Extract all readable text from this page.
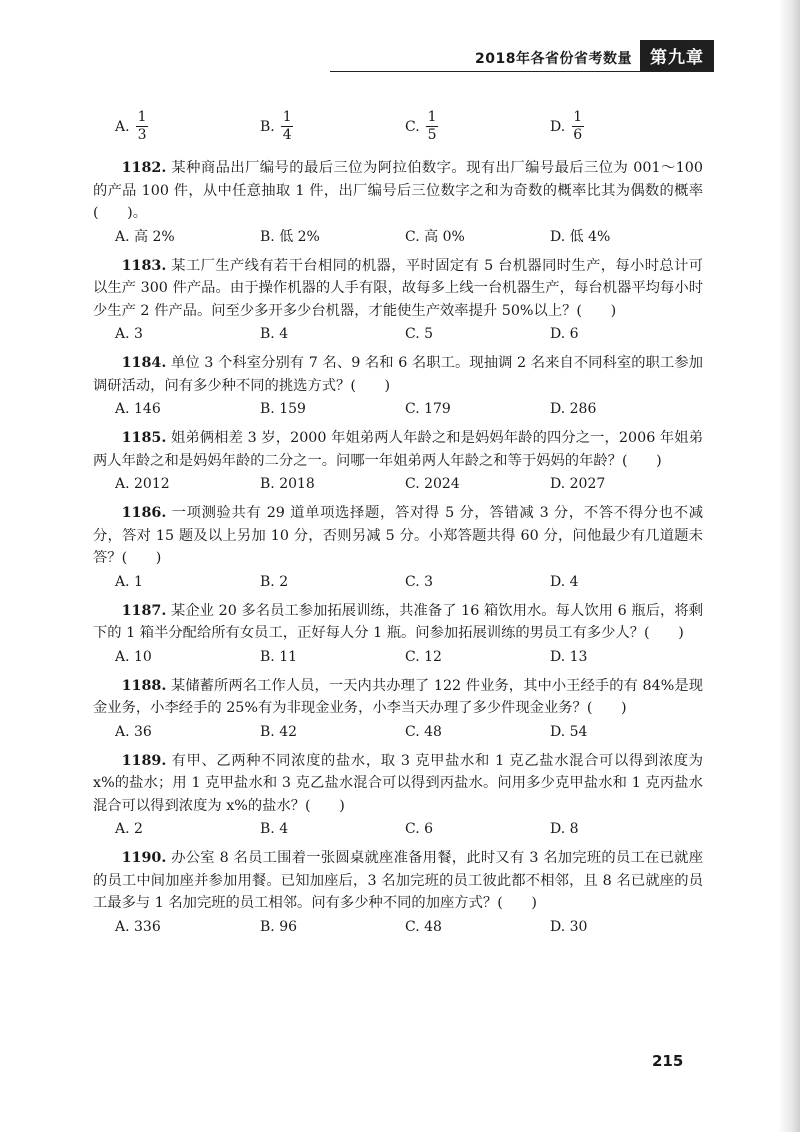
2018年各省份省考数量	第九章
A. $\frac{1}{3}$	B. $\frac{1}{4}$	C. $\frac{1}{5}$	D. $\frac{1}{6}$

1182. 某种商品出厂编号的最后三位为阿拉伯数字。现有出厂编号最后三位为 001～100 的产品 100 件，从中任意抽取 1 件，出厂编号后三位数字之和为奇数的概率比其为偶数的概率(　　)。

A. 高 2%	B. 低 2%	C. 高 0%	D. 低 4%

1183. 某工厂生产线有若干台相同的机器，平时固定有 5 台机器同时生产，每小时总计可以生产 300 件产品。由于操作机器的人手有限，故每多上线一台机器生产，每台机器平均每小时少生产 2 件产品。问至少多开多少台机器，才能使生产效率提升 50%以上？(　　)

A. 3	B. 4	C. 5	D. 6

1184. 单位 3 个科室分别有 7 名、9 名和 6 名职工。现抽调 2 名来自不同科室的职工参加调研活动，问有多少种不同的挑选方式？(　　)

A. 146	B. 159	C. 179	D. 286

1185. 姐弟俩相差 3 岁，2000 年姐弟两人年龄之和是妈妈年龄的四分之一，2006 年姐弟两人年龄之和是妈妈年龄的二分之一。问哪一年姐弟两人年龄之和等于妈妈的年龄？(　　)

A. 2012	B. 2018	C. 2024	D. 2027

1186. 一项测验共有 29 道单项选择题，答对得 5 分，答错减 3 分，不答不得分也不减分，答对 15 题及以上另加 10 分，否则另减 5 分。小郑答题共得 60 分，问他最少有几道题未答？(　　)

A. 1	B. 2	C. 3	D. 4

1187. 某企业 20 多名员工参加拓展训练，共准备了 16 箱饮用水。每人饮用 6 瓶后，将剩下的 1 箱半分配给所有女员工，正好每人分 1 瓶。问参加拓展训练的男员工有多少人？(　　)

A. 10	B. 11	C. 12	D. 13

1188. 某储蓄所两名工作人员，一天内共办理了 122 件业务，其中小王经手的有 84%是现金业务，小李经手的 25%有为非现金业务，小李当天办理了多少件现金业务？(　　)

A. 36	B. 42	C. 48	D. 54

1189. 有甲、乙两种不同浓度的盐水，取 3 克甲盐水和 1 克乙盐水混合可以得到浓度为 x%的盐水；用 1 克甲盐水和 3 克乙盐水混合可以得到丙盐水。问用多少克甲盐水和 1 克丙盐水混合可以得到浓度为 x%的盐水？(　　)

A. 2	B. 4	C. 6	D. 8

1190. 办公室 8 名员工围着一张圆桌就座准备用餐，此时又有 3 名加完班的员工在已就座的员工中间加座并参加用餐。已知加座后，3 名加完班的员工彼此都不相邻，且 8 名已就座的员工最多与 1 名加完班的员工相邻。问有多少种不同的加座方式？(　　)

A. 336	B. 96	C. 48	D. 30
215
